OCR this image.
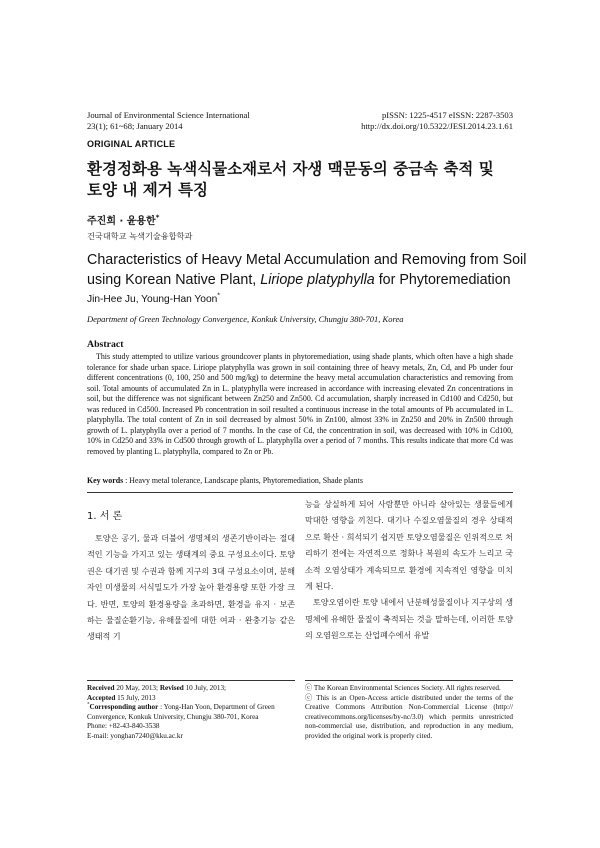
Journal of Environmental Science International
23(1); 61~68; January 2014
pISSN: 1225-4517 eISSN: 2287-3503
http://dx.doi.org/10.5322/JESI.2014.23.1.61
ORIGINAL ARTICLE
환경정화용 녹색식물소재로서 자생 맥문동의 중금속 축적 및
토양 내 제거 특징
주진희 · 윤용한*
건국대학교 녹색기술융합학과
Characteristics of Heavy Metal Accumulation and Removing from Soil
using Korean Native Plant, Liriope platyphylla for Phytoremediation
Jin-Hee Ju, Young-Han Yoon*
Department of Green Technology Convergence, Konkuk University, Chungju 380-701, Korea
Abstract
This study attempted to utilize various groundcover plants in phytoremediation, using shade plants, which often have a high shade tolerance for shade urban space. Liriope platyphylla was grown in soil containing three of heavy metals, Zn, Cd, and Pb under four different concentrations (0, 100, 250 and 500 mg/kg) to determine the heavy metal accumulation characteristics and removing from soil. Total amounts of accumulated Zn in L. platyphylla were increased in accordance with increasing elevated Zn concentrations in soil, but the difference was not significant between Zn250 and Zn500. Cd accumulation, sharply increased in Cd100 and Cd250, but was reduced in Cd500. Increased Pb concentration in soil resulted a continuous increase in the total amounts of Pb accumulated in L. platyphylla. The total content of Zn in soil decreased by almost 50% in Zn100, almost 33% in Zn250 and 20% in Zn500 through growth of L. platyphylla over a period of 7 months. In the case of Cd, the concentration in soil, was decreased with 10% in Cd100, 10% in Cd250 and 33% in Cd500 through growth of L. platyphylla over a period of 7 months. This results indicate that more Cd was removed by planting L. platyphylla, compared to Zn or Pb.
Key words : Heavy metal tolerance, Landscape plants, Phytoremediation, Shade plants
1. 서 론

토양은 공기, 물과 더불어 생명체의 생존기반이라는 절대적인 기능을 가지고 있는 생태계의 중요 구성요소이다. 토양권은 대기권 및 수권과 함께 지구의 3대 구성요소이며, 분해자인 미생물의 서식밀도가 가장 높아 환경용량 또한 가장 크다. 반면, 토양의 환경용량을 초과하면, 환경을 유지 · 보존하는 물질순환기능, 유해물질에 대한 여과 · 완충기능 같은 생태적 기

능을 상실하게 되어 사람뿐만 아니라 살아있는 생물들에게 막대한 영향을 끼친다. 대기나 수질오염물질의 경우 상태적으로 확산 · 희석되기 쉽지만 토양오염물질은 인위적으로 처리하기 전에는 자연적으로 정화나 복원의 속도가 느리고 국소적 오염상태가 계속되므로 환경에 지속적인 영향을 미치게 된다.

토양오염이란 토양 내에서 난분해성물질이나 지구상의 생명체에 유해한 물질이 축적되는 것을 말하는데, 이러한 토양의 오염원으로는 산업폐수에서 유발

Received 20 May, 2013; Revised 10 July, 2013;
Accepted 15 July, 2013
*Corresponding author : Yong-Han Yoon, Department of Green Convergence, Konkuk University, Chungju 380-701, Korea
Phone: +82-43-840-3538
E-mail: yonghan7240@kku.ac.kr
ⓒ The Korean Environmental Sciences Society. All rights reserved.
ⓒ This is an Open-Access article distributed under the terms of the Creative Commons Attribution Non-Commercial License (http:// creativecommons.org/licenses/by-nc/3.0) which permits unrestricted non-commercial use, distribution, and reproduction in any medium, provided the original work is properly cited.
